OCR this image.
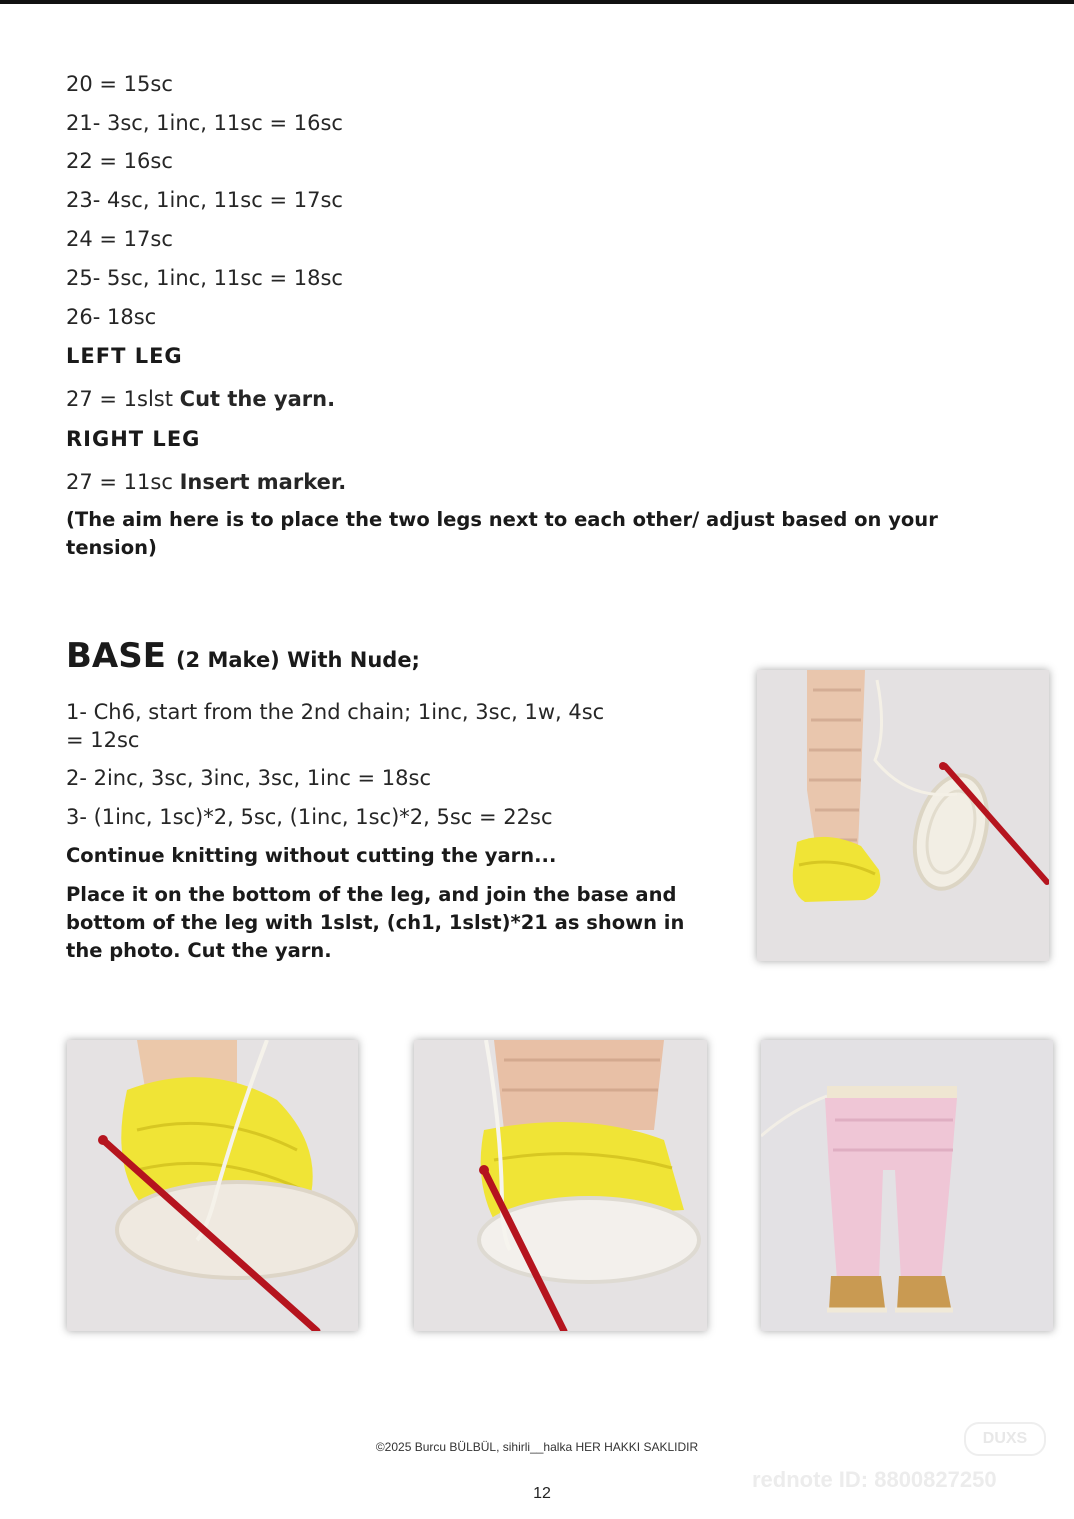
20 = 15sc
21- 3sc, 1inc, 11sc = 16sc
22 = 16sc
23- 4sc, 1inc, 11sc = 17sc
24 = 17sc
25- 5sc, 1inc, 11sc = 18sc
26- 18sc
LEFT LEG
27 = 1slst Cut the yarn.
RIGHT LEG
27 = 11sc Insert marker.
(The aim here is to place the two legs next to each other/ adjust based on your tension)
BASE (2 Make) With Nude;
1- Ch6, start from the 2nd chain; 1inc, 3sc, 1w, 4sc
= 12sc
2- 2inc, 3sc, 3inc, 3sc, 1inc = 18sc
3- (1inc, 1sc)*2, 5sc, (1inc, 1sc)*2, 5sc = 22sc
Continue knitting without cutting the yarn...
Place it on the bottom of the leg, and join the base and bottom of the leg with 1slst, (ch1, 1slst)*21 as shown in the photo. Cut the yarn.
©2025 Burcu BÜLBÜL, sihirli__halka HER HAKKI SAKLIDIR
12
DUXS
rednote ID: 8800827250
